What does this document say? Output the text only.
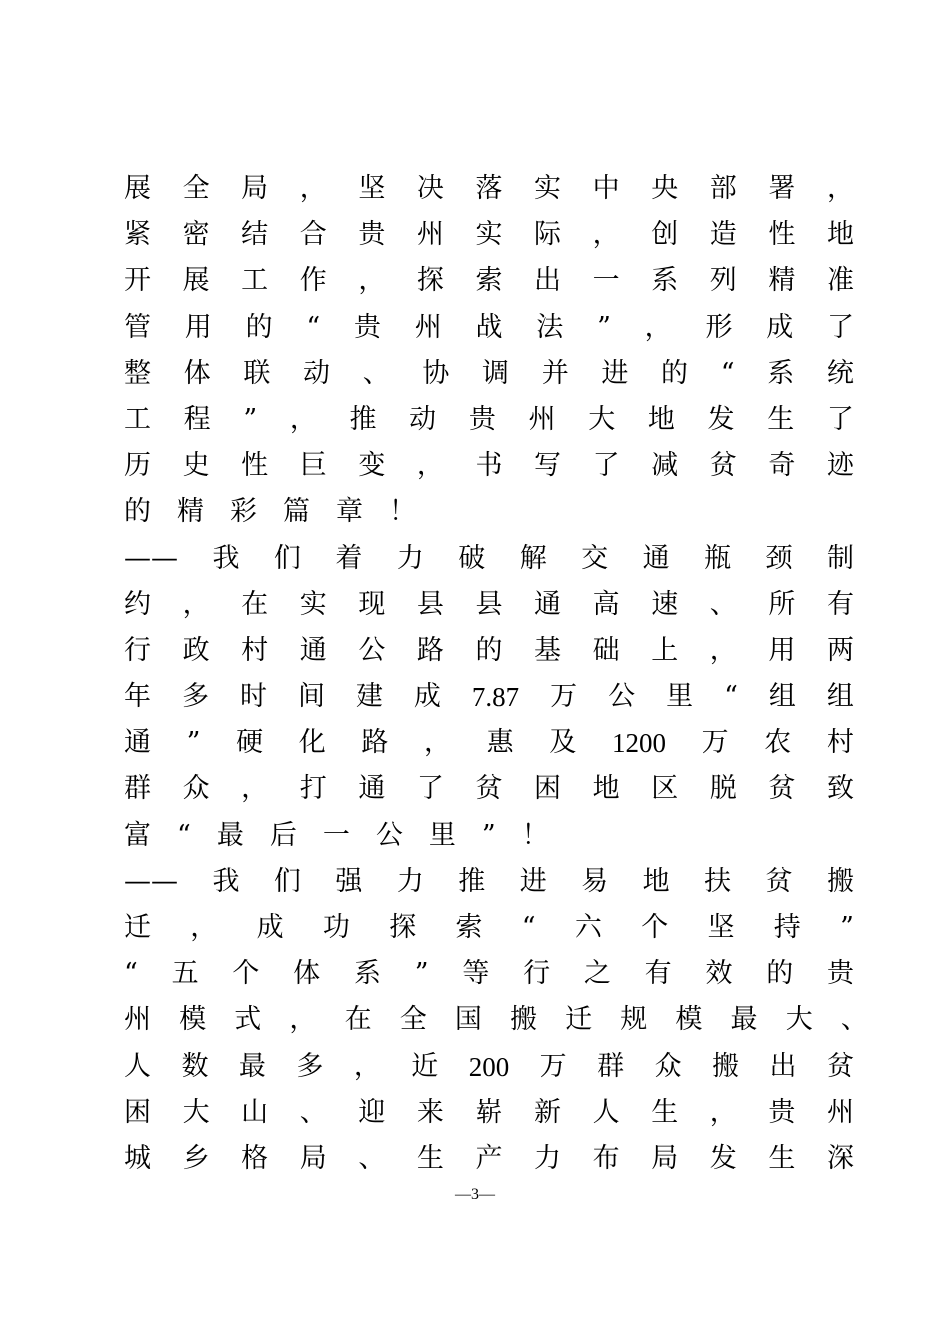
展 全 局 ， 坚 决 落 实 中 央 部 署 ，
紧 密 结 合 贵 州 实 际 ， 创 造 性 地
开 展 工 作 ， 探 索 出 一 系 列 精 准
管 用 的 “ 贵 州 战 法 ” ， 形 成 了
整 体 联 动 、 协 调 并 进 的 “ 系 统
工 程 ” ， 推 动 贵 州 大 地 发 生 了
历 史 性 巨 变 ， 书 写 了 减 贫 奇 迹
的 精 彩 篇 章 ！
—— 我 们 着 力 破 解 交 通 瓶 颈 制
约 ， 在 实 现 县 县 通 高 速 、 所 有
行 政 村 通 公 路 的 基 础 上 ， 用 两
年 多 时 间 建 成 7.87 万 公 里 “ 组 组
通 ” 硬 化 路 ， 惠 及 1200 万 农 村
群 众 ， 打 通 了 贫 困 地 区 脱 贫 致
富 “ 最 后 一 公 里 ” ！
—— 我 们 强 力 推 进 易 地 扶 贫 搬
迁 ， 成 功 探 索 “ 六 个 坚 持 ”
“ 五 个 体 系 ” 等 行 之 有 效 的 贵
州 模 式 ， 在 全 国 搬 迁 规 模 最 大 、
人 数 最 多 ， 近 200 万 群 众 搬 出 贫
困 大 山 、 迎 来 崭 新 人 生 ， 贵 州
城 乡 格 局 、 生 产 力 布 局 发 生 深
—3—
